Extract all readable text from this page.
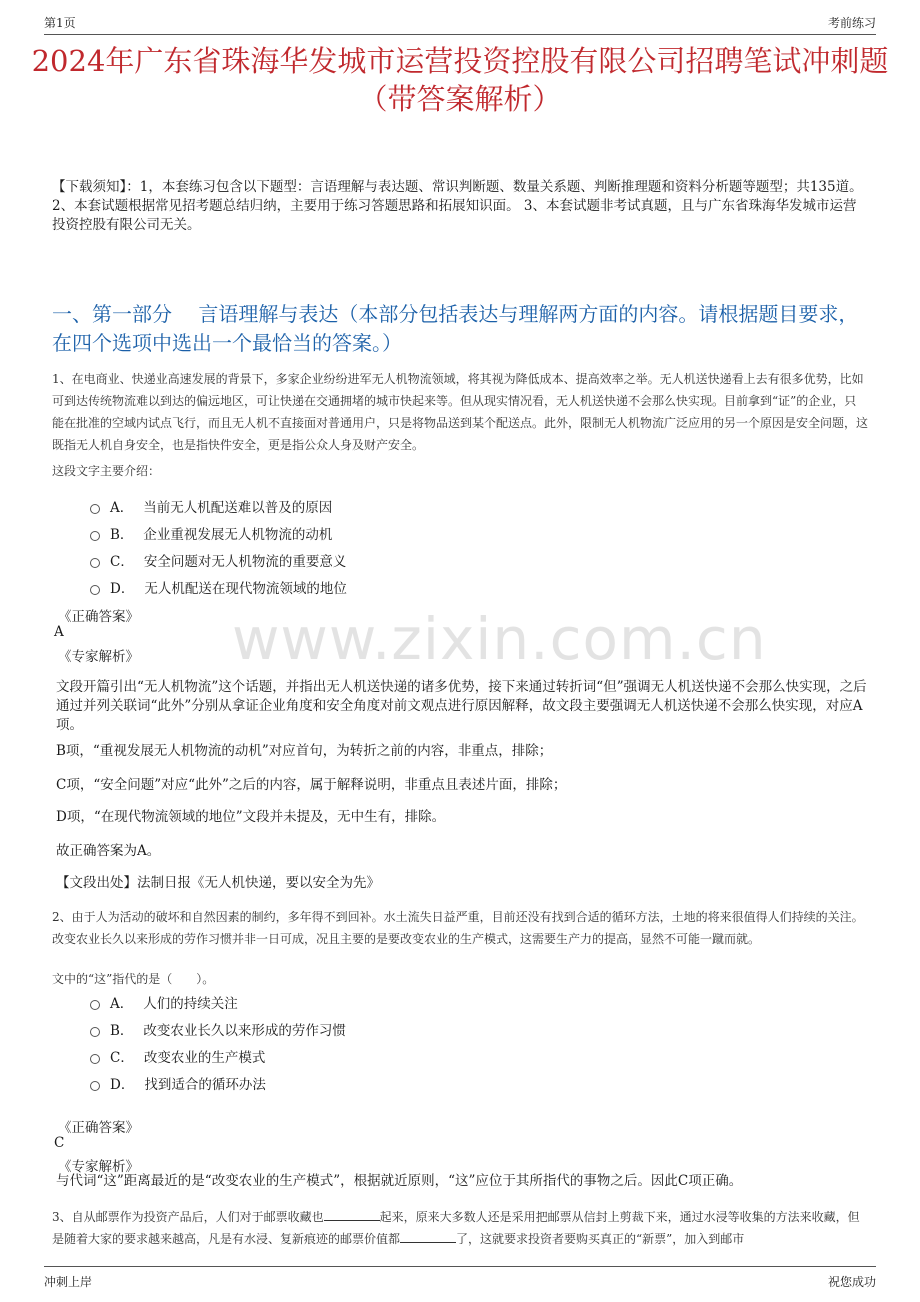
第1页	考前练习
2024年广东省珠海华发城市运营投资控股有限公司招聘笔试冲刺题（带答案解析）
【下载须知】：1，本套练习包含以下题型：言语理解与表达题、常识判断题、数量关系题、判断推理题和资料分析题等题型；共135道。 2、本套试题根据常见招考题总结归纳，主要用于练习答题思路和拓展知识面。 3、本套试题非考试真题，且与广东省珠海华发城市运营投资控股有限公司无关。
一、第一部分　 言语理解与表达（本部分包括表达与理解两方面的内容。请根据题目要求，在四个选项中选出一个最恰当的答案。）
1、在电商业、快递业高速发展的背景下，多家企业纷纷进军无人机物流领域，将其视为降低成本、提高效率之举。无人机送快递看上去有很多优势，比如可到达传统物流难以到达的偏远地区，可让快递在交通拥堵的城市快起来等。但从现实情况看，无人机送快递不会那么快实现。目前拿到“证”的企业，只能在批准的空域内试点飞行，而且无人机不直接面对普通用户，只是将物品送到某个配送点。此外，限制无人机物流广泛应用的另一个原因是安全问题，这既指无人机自身安全，也是指快件安全，更是指公众人身及财产安全。
这段文字主要介绍：
A． 当前无人机配送难以普及的原因
B． 企业重视发展无人机物流的动机
C． 安全问题对无人机物流的重要意义
D． 无人机配送在现代物流领域的地位
《正确答案》
A
《专家解析》
文段开篇引出“无人机物流”这个话题，并指出无人机送快递的诸多优势，接下来通过转折词“但”强调无人机送快递不会那么快实现，之后通过并列关联词“此外”分别从拿证企业角度和安全角度对前文观点进行原因解释，故文段主要强调无人机送快递不会那么快实现，对应A项。
B项，“重视发展无人机物流的动机”对应首句，为转折之前的内容，非重点，排除；
C项，“安全问题”对应“此外”之后的内容，属于解释说明，非重点且表述片面，排除；
D项，“在现代物流领域的地位”文段并未提及，无中生有，排除。
故正确答案为A。
【文段出处】法制日报《无人机快递，要以安全为先》
www.zixin.com.cn
2、由于人为活动的破坏和自然因素的制约，多年得不到回补。水土流失日益严重，目前还没有找到合适的循环方法，土地的将来很值得人们持续的关注。改变农业长久以来形成的劳作习惯并非一日可成，况且主要的是要改变农业的生产模式，这需要生产力的提高，显然不可能一蹴而就。
文中的“这”指代的是（　　）。
A． 人们的持续关注
B． 改变农业长久以来形成的劳作习惯
C． 改变农业的生产模式
D． 找到适合的循环办法
《正确答案》
C
《专家解析》
与代词“这”距离最近的是“改变农业的生产模式”，根据就近原则，“这”应位于其所指代的事物之后。因此C项正确。
3、自从邮票作为投资产品后，人们对于邮票收藏也	起来，原来大多数人还是采用把邮票从信封上剪裁下来，通过水浸等收集的方法来收藏，但是随着大家的要求越来越高，凡是有水浸、复新痕迹的邮票价值都	了，这就要求投资者要购买真正的“新票”，加入到邮市
冲刺上岸	祝您成功
